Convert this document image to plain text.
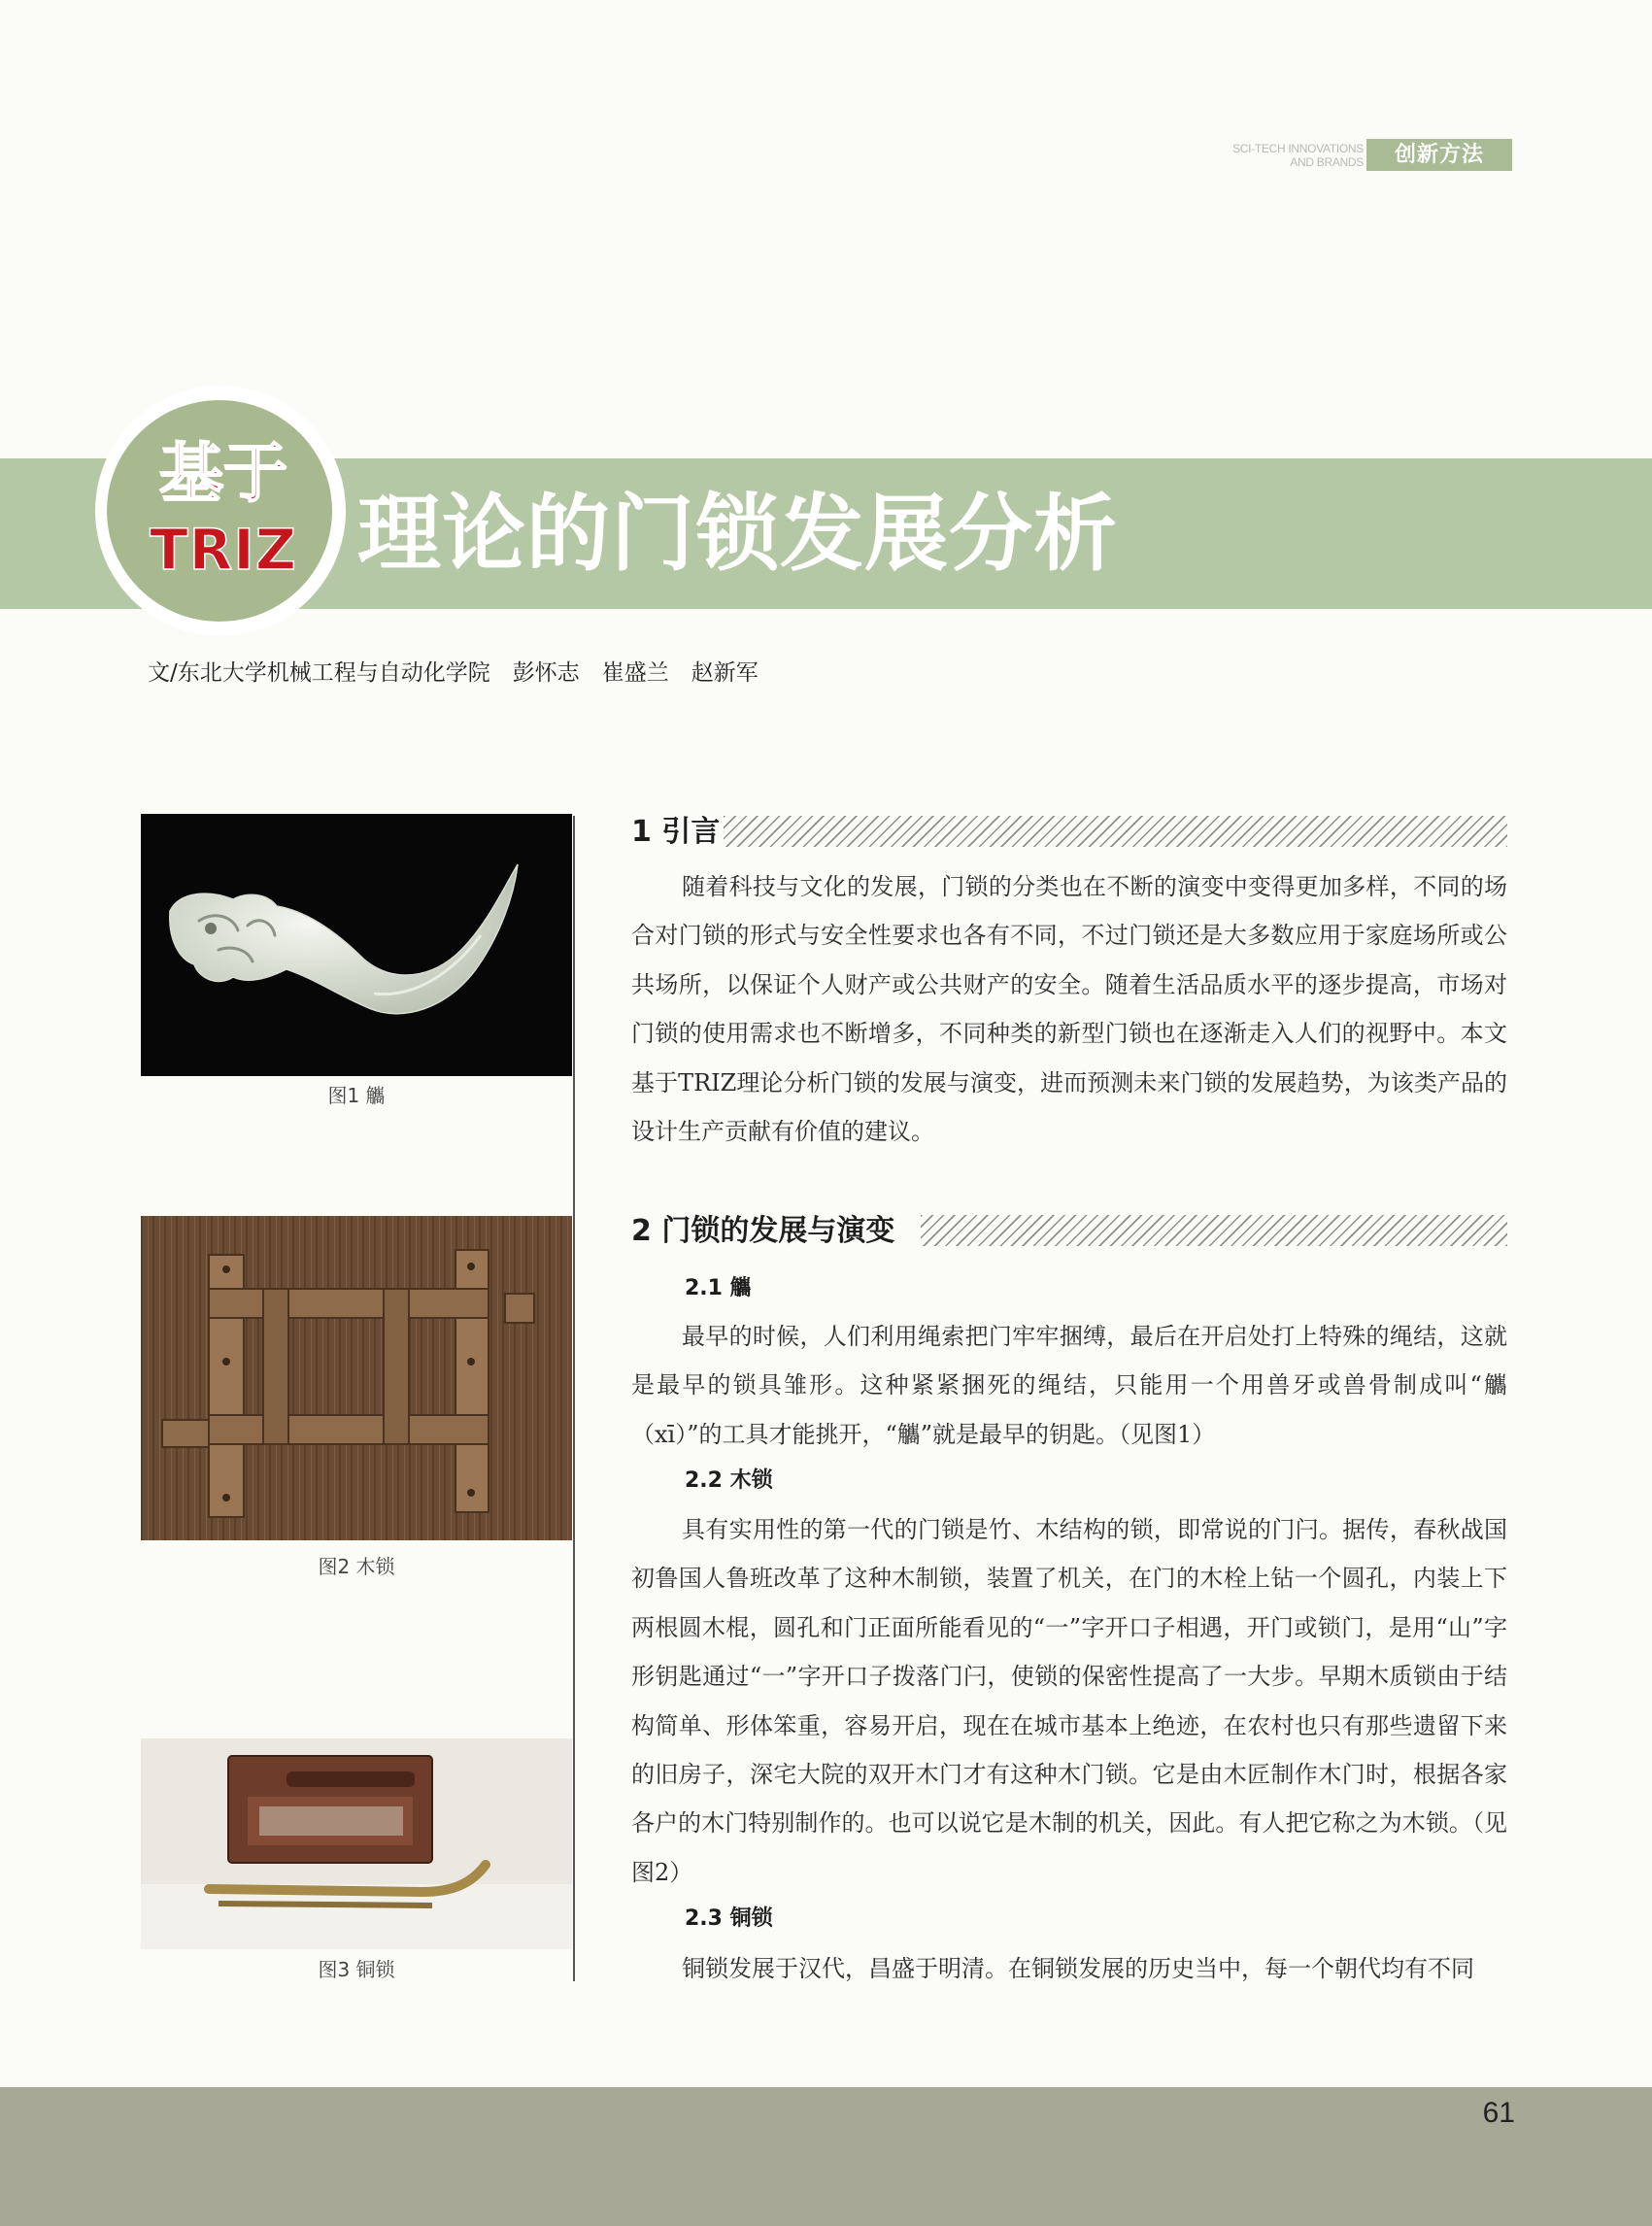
SCI-TECH INNOVATIONS
AND BRANDS	创新方法
基于
TRIZ 理论的门锁发展分析
文/东北大学机械工程与自动化学院　彭怀志　崔盛兰　赵新军
图1 觿
图2 木锁
图3 铜锁
1 引言

随着科技与文化的发展，门锁的分类也在不断的演变中变得更加多样，不同的场合对门锁的形式与安全性要求也各有不同，不过门锁还是大多数应用于家庭场所或公共场所，以保证个人财产或公共财产的安全。随着生活品质水平的逐步提高，市场对门锁的使用需求也不断增多，不同种类的新型门锁也在逐渐走入人们的视野中。本文基于TRIZ理论分析门锁的发展与演变，进而预测未来门锁的发展趋势，为该类产品的设计生产贡献有价值的建议。

2 门锁的发展与演变
2.1 觿

最早的时候，人们利用绳索把门牢牢捆缚，最后在开启处打上特殊的绳结，这就是最早的锁具雏形。这种紧紧捆死的绳结，只能用一个用兽牙或兽骨制成叫“觿（xī）”的工具才能挑开，“觿”就是最早的钥匙。（见图1）

2.2 木锁

具有实用性的第一代的门锁是竹、木结构的锁，即常说的门闩。据传，春秋战国初鲁国人鲁班改革了这种木制锁，装置了机关，在门的木栓上钻一个圆孔，内装上下两根圆木棍，圆孔和门正面所能看见的“一”字开口子相遇，开门或锁门，是用“山”字形钥匙通过“一”字开口子拨落门闩，使锁的保密性提高了一大步。早期木质锁由于结构简单、形体笨重，容易开启，现在在城市基本上绝迹，在农村也只有那些遗留下来的旧房子，深宅大院的双开木门才有这种木门锁。它是由木匠制作木门时，根据各家各户的木门特别制作的。也可以说它是木制的机关，因此。有人把它称之为木锁。（见图2）

2.3 铜锁

铜锁发展于汉代，昌盛于明清。在铜锁发展的历史当中，每一个朝代均有不同

61
